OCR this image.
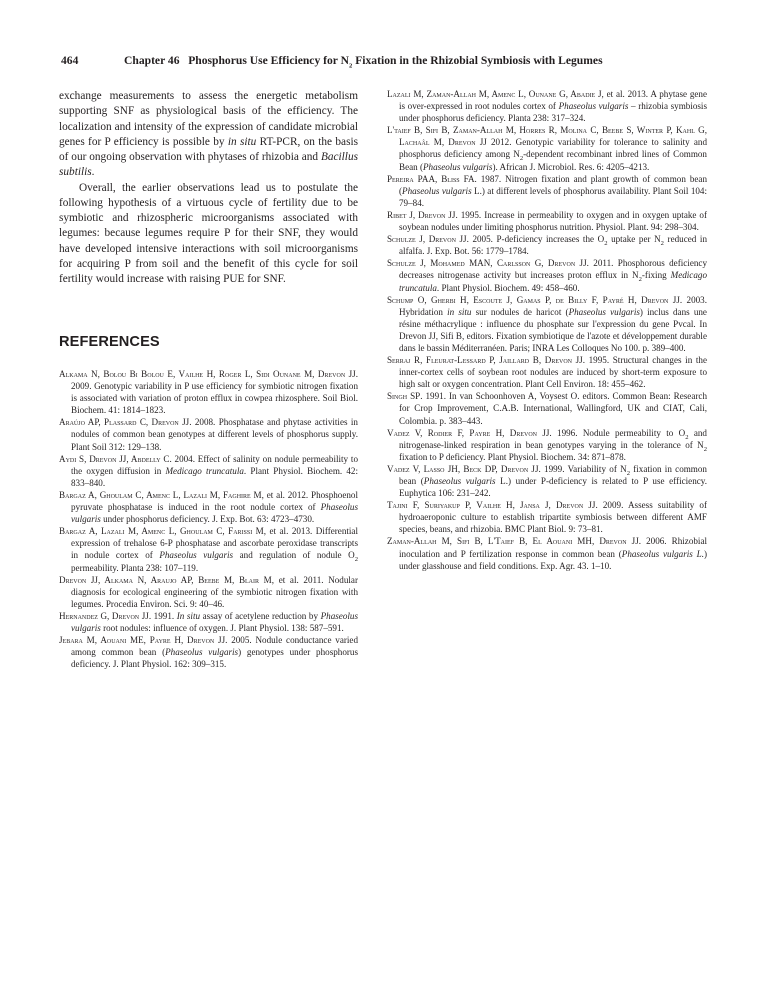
464	Chapter 46   Phosphorus Use Efficiency for $N_2$ Fixation in the Rhizobial Symbiosis with Legumes

exchange measurements to assess the energetic metabolism supporting SNF as physiological basis of the efficiency. The localization and intensity of the expression of candidate microbial genes for P efficiency is possible by in situ RT-PCR, on the basis of our ongoing observation with phytases of rhizobia and Bacillus subtilis.

Overall, the earlier observations lead us to postulate the following hypothesis of a virtuous cycle of fertility due to be symbiotic and rhizospheric microorganisms associated with legumes: because legumes require P for their SNF, they would have developed intensive interactions with soil microorganisms for acquiring P from soil and the benefit of this cycle for soil fertility would increase with raising PUE for SNF.

REFERENCES

Alkama N, Bolou Bi Bolou E, Vailhe H, Roger L, Sidi Ounane M, Drevon JJ. 2009. Genotypic variability in P use efficiency for symbiotic nitrogen fixation is associated with variation of proton efflux in cowpea rhizosphere. Soil Biol. Biochem. 41: 1814–1823.

Araújo AP, Plassard C, Drevon JJ. 2008. Phosphatase and phytase activities in nodules of common bean genotypes at different levels of phosphorus supply. Plant Soil 312: 129–138.

Aydi S, Drevon JJ, Abdelly C. 2004. Effect of salinity on nodule permeability to the oxygen diffusion in Medicago truncatula. Plant Physiol. Biochem. 42: 833–840.

Bargaz A, Ghoulam C, Amenc L, Lazali M, Faghire M, et al. 2012. Phosphoenol pyruvate phosphatase is induced in the root nodule cortex of Phaseolus vulgaris under phosphorus deficiency. J. Exp. Bot. 63: 4723–4730.

Bargaz A, Lazali M, Amenc L, Ghoulam C, Farissi M, et al. 2013. Differential expression of trehalose 6-P phosphatase and ascorbate peroxidase transcripts in nodule cortex of Phaseolus vulgaris and regulation of nodule $O_2$ permeability. Planta 238: 107–119.

Drevon JJ, Alkama N, Araujo AP, Beebe M, Blair M, et al. 2011. Nodular diagnosis for ecological engineering of the symbiotic nitrogen fixation with legumes. Procedia Environ. Sci. 9: 40–46.

Hernandez G, Drevon JJ. 1991. In situ assay of acetylene reduction by Phaseolus vulgaris root nodules: influence of oxygen. J. Plant Physiol. 138: 587–591.

Jebara M, Aouani ME, Payre H, Drevon JJ. 2005. Nodule conductance varied among common bean (Phaseolus vulgaris) genotypes under phosphorus deficiency. J. Plant Physiol. 162: 309–315.

Lazali M, Zaman-Allah M, Amenc L, Ounane G, Abadie J, et al. 2013. A phytase gene is over-expressed in root nodules cortex of Phaseolus vulgaris – rhizobia symbiosis under phosphorus deficiency. Planta 238: 317–324.

L'taief B, Sifi B, Zaman-Allah M, Horres R, Molina C, Beebe S, Winter P, Kahl G, Lachaâl M, Drevon JJ 2012. Genotypic variability for tolerance to salinity and phosphorus deficiency among $N_2$-dependent recombinant inbred lines of Common Bean (Phaseolus vulgaris). African J. Microbiol. Res. 6: 4205–4213.

Pereira PAA, Bliss FA. 1987. Nitrogen fixation and plant growth of common bean (Phaseolus vulgaris L.) at different levels of phosphorus availability. Plant Soil 104: 79–84.

Ribet J, Drevon JJ. 1995. Increase in permeability to oxygen and in oxygen uptake of soybean nodules under limiting phosphorus nutrition. Physiol. Plant. 94: 298–304.

Schulze J, Drevon JJ. 2005. P-deficiency increases the $O_2$ uptake per $N_2$ reduced in alfalfa. J. Exp. Bot. 56: 1779–1784.

Schulze J, Mohamed MAN, Carlsson G, Drevon JJ. 2011. Phosphorous deficiency decreases nitrogenase activity but increases proton efflux in $N_2$-fixing Medicago truncatula. Plant Physiol. Biochem. 49: 458–460.

Schump O, Gherbi H, Escoute J, Gamas P, de Billy F, Payré H, Drevon JJ. 2003. Hybridation in situ sur nodules de haricot (Phaseolus vulgaris) inclus dans une résine méthacrylique : influence du phosphate sur l'expression du gene Pvcal. In Drevon JJ, Sifi B, editors. Fixation symbiotique de l'azote et développement durable dans le bassin Méditerranéen. Paris; INRA Les Colloques No 100. p. 389–400.

Serraj R, Fleurat-Lessard P, Jaillard B, Drevon JJ. 1995. Structural changes in the inner-cortex cells of soybean root nodules are induced by short-term exposure to high salt or oxygen concentration. Plant Cell Environ. 18: 455–462.

Singh SP. 1991. In van Schoonhoven A, Voysest O. editors. Common Bean: Research for Crop Improvement, C.A.B. International, Wallingford, UK and CIAT, Cali, Colombia. p. 383–443.

Vadez V, Rodier F, Payre H, Drevon JJ. 1996. Nodule permeability to $O_2$ and nitrogenase-linked respiration in bean genotypes varying in the tolerance of $N_2$ fixation to P deficiency. Plant Physiol. Biochem. 34: 871–878.

Vadez V, Lasso JH, Beck DP, Drevon JJ. 1999. Variability of $N_2$ fixation in common bean (Phaseolus vulgaris L.) under P-deficiency is related to P use efficiency. Euphytica 106: 231–242.

Tajini F, Suriyakup P, Vailhe H, Jansa J, Drevon JJ. 2009. Assess suitability of hydroaeroponic culture to establish tripartite symbiosis between different AMF species, beans, and rhizobia. BMC Plant Biol. 9: 73–81.

Zaman-Allah M, Sifi B, L'Taief B, El Aouani MH, Drevon JJ. 2006. Rhizobial inoculation and P fertilization response in common bean (Phaseolus vulgaris L.) under glasshouse and field conditions. Exp. Agr. 43. 1–10.
